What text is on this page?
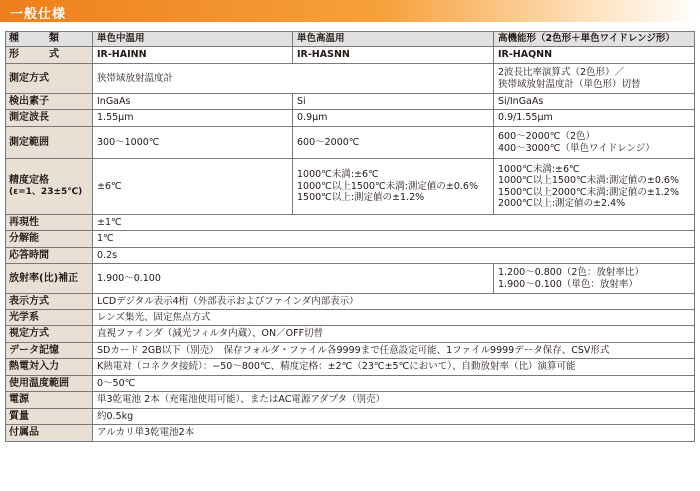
一般仕様
種　　　類	単色中温用	単色高温用	高機能形（2色形＋単色ワイドレンジ形）
形　　　式	IR-HAINN	IR-HASNN	IR-HAQNN
測定方式	狭帯域放射温度計		2波長比率演算式（2色形）／
狭帯域放射温度計（単色形）切替

検出素子	InGaAs	Si	Si/InGaAs
測定波長	1.55μm	0.9μm	0.9/1.55μm
測定範囲	300～1000℃	600～2000℃	600～2000℃（2色）
400～3000℃（単色ワイドレンジ）

精度定格
(ε=1、23±5℃)	±6℃	1000℃未満:±6℃
1000℃以上1500℃未満:測定値の±0.6%
1500℃以上:測定値の±1.2%	1000℃未満:±6℃
1000℃以上1500℃未満:測定値の±0.6%
1500℃以上2000℃未満:測定値の±1.2%
2000℃以上:測定値の±2.4%

再現性	±1℃		
分解能	1℃		
応答時間	0.2s		
放射率(比)補正	1.900～0.100		1.200～0.800（2色：放射率比）
1.900～0.100（単色：放射率）

表示方式	LCDデジタル表示4桁（外部表示およびファインダ内部表示）		
光学系	レンズ集光、固定焦点方式		
視定方式	直視ファインダ（減光フィルタ内蔵）、ON／OFF切替		
データ記憶	SDカード 2GB以下（別売）　保存フォルダ・ファイル各9999まで任意設定可能、1ファイル9999データ保存、CSV形式		
熱電対入力	K熱電対（コネクタ接続）：−50～800℃、精度定格：±2℃（23℃±5℃において）、自動放射率（比）演算可能		
使用温度範囲	0～50℃		
電源	単3乾電池 2本（充電池使用可能）、またはAC電源アダプタ（別売）		
質量	約0.5kg		
付属品	アルカリ単3乾電池2本		
